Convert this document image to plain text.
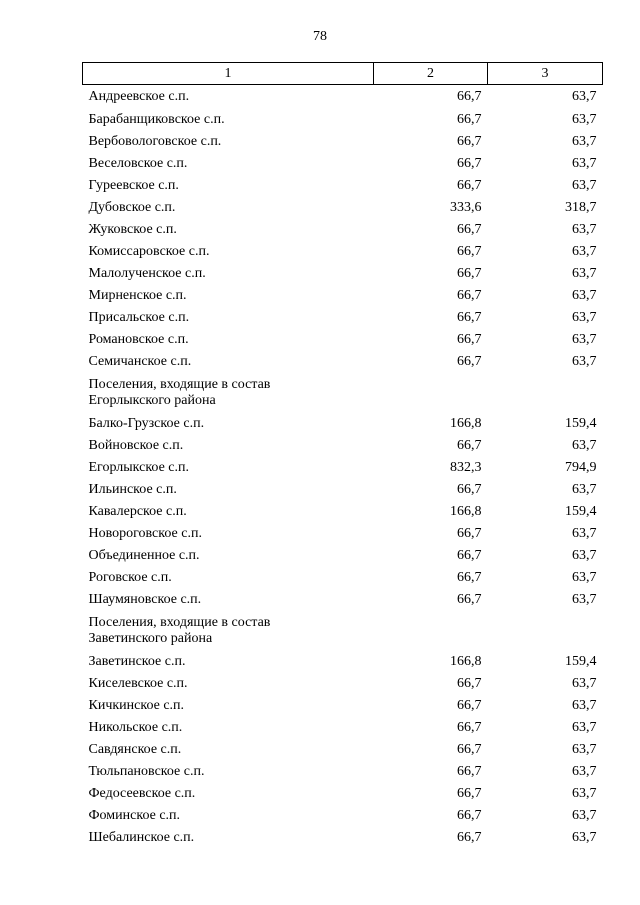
78
1	2	3
Андреевское с.п.	66,7	63,7
Барабанщиковское с.п.	66,7	63,7
Вербовологовское с.п.	66,7	63,7
Веселовское с.п.	66,7	63,7
Гуреевское с.п.	66,7	63,7
Дубовское с.п.	333,6	318,7
Жуковское с.п.	66,7	63,7
Комиссаровское с.п.	66,7	63,7
Малолученское с.п.	66,7	63,7
Мирненское с.п.	66,7	63,7
Присальское с.п.	66,7	63,7
Романовское с.п.	66,7	63,7
Семичанское с.п.	66,7	63,7

Поселения, входящие в состав
Егорлыкского района		

Балко-Грузское с.п.	166,8	159,4
Войновское с.п.	66,7	63,7
Егорлыкское с.п.	832,3	794,9
Ильинское с.п.	66,7	63,7
Кавалерское с.п.	166,8	159,4
Новороговское с.п.	66,7	63,7
Объединенное с.п.	66,7	63,7
Роговское с.п.	66,7	63,7
Шаумяновское с.п.	66,7	63,7

Поселения, входящие в состав
Заветинского района		

Заветинское с.п.	166,8	159,4
Киселевское с.п.	66,7	63,7
Кичкинское с.п.	66,7	63,7
Никольское с.п.	66,7	63,7
Савдянское с.п.	66,7	63,7
Тюльпановское с.п.	66,7	63,7
Федосеевское с.п.	66,7	63,7
Фоминское с.п.	66,7	63,7
Шебалинское с.п.	66,7	63,7
